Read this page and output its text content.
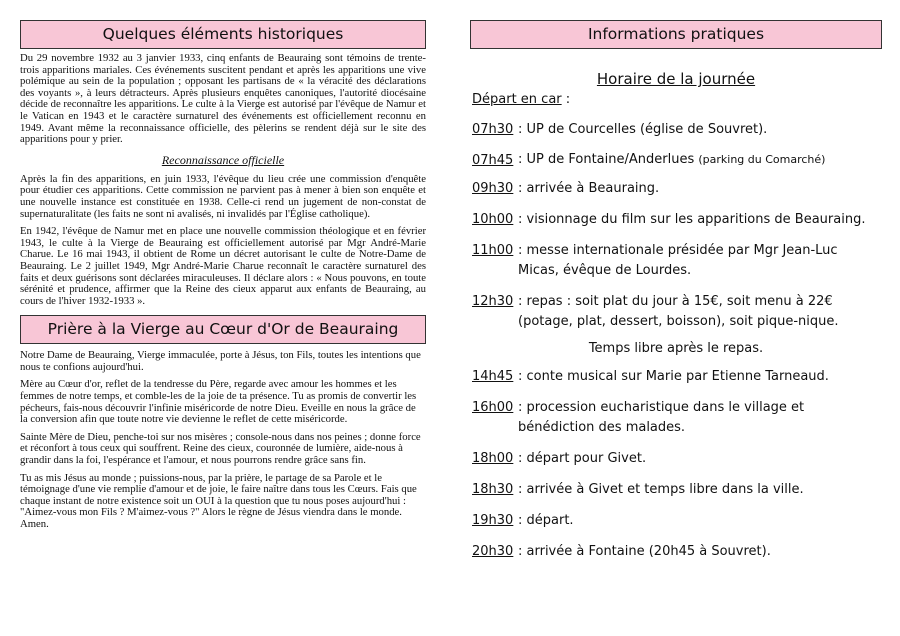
Quelques éléments historiques

Du 29 novembre 1932 au 3 janvier 1933, cinq enfants de Beauraing sont témoins de trente-trois apparitions mariales. Ces événements suscitent pendant et après les apparitions une vive polémique au sein de la population ; opposant les partisans de « la véracité des déclarations des voyants », à leurs détracteurs. Après plusieurs enquêtes canoniques, l'autorité diocésaine décide de reconnaître les apparitions. Le culte à la Vierge est autorisé par l'évêque de Namur et le Vatican en 1943 et le caractère surnaturel des événements est officiellement reconnu en 1949. Avant même la reconnaissance officielle, des pèlerins se rendent déjà sur le site des apparitions pour y prier.

Reconnaissance officielle

Après la fin des apparitions, en juin 1933, l'évêque du lieu crée une commission d'enquête pour étudier ces apparitions. Cette commission ne parvient pas à mener à bien son enquête et une nouvelle instance est constituée en 1938. Celle-ci rend un jugement de non-constat de supernaturalitate (les faits ne sont ni avalisés, ni invalidés par l'Église catholique).

En 1942, l'évêque de Namur met en place une nouvelle commission théologique et en février 1943, le culte à la Vierge de Beauraing est officiellement autorisé par Mgr André-Marie Charue. Le 16 mai 1943, il obtient de Rome un décret autorisant le culte de Notre-Dame de Beauraing. Le 2 juillet 1949, Mgr André-Marie Charue reconnaît le caractère surnaturel des faits et deux guérisons sont déclarées miraculeuses. Il déclare alors : « Nous pouvons, en toute sérénité et prudence, affirmer que la Reine des cieux apparut aux enfants de Beauraing, au cours de l'hiver 1932-1933 ».

Prière à la Vierge au Cœur d'Or de Beauraing

Notre Dame de Beauraing, Vierge immaculée, porte à Jésus, ton Fils, toutes les intentions que nous te confions aujourd'hui.

Mère au Cœur d'or, reflet de la tendresse du Père, regarde avec amour les hommes et les femmes de notre temps, et comble-les de la joie de ta présence. Tu as promis de convertir les pécheurs, fais-nous découvrir l'infinie miséricorde de notre Dieu. Eveille en nous la grâce de la conversion afin que toute notre vie devienne le reflet de cette miséricorde.

Sainte Mère de Dieu, penche-toi sur nos misères ; console-nous dans nos peines ; donne force et réconfort à tous ceux qui souffrent. Reine des cieux, couronnée de lumière, aide-nous à grandir dans la foi, l'espérance et l'amour, et nous pourrons rendre grâce sans fin.

Tu as mis Jésus au monde ; puissions-nous, par la prière, le partage de sa Parole et le témoignage d'une vie remplie d'amour et de joie, le faire naître dans tous les Cœurs. Fais que chaque instant de notre existence soit un OUI à la question que tu nous poses aujourd'hui : "Aimez-vous mon Fils ? M'aimez-vous ?" Alors le règne de Jésus viendra dans le monde.

Amen.

Informations pratiques
Horaire de la journée
Départ en car :
07h30 : UP de Courcelles (église de Souvret).
07h45 : UP de Fontaine/Anderlues (parking du Comarché)
09h30 : arrivée à Beauraing.
10h00 : visionnage du film sur les apparitions de Beauraing.
11h00 : messe internationale présidée par Mgr Jean-Luc Micas, évêque de Lourdes.
12h30 : repas : soit plat du jour à 15€, soit menu à 22€ (potage, plat, dessert, boisson), soit pique-nique.
Temps libre après le repas.
14h45 : conte musical sur Marie par Etienne Tarneaud.
16h00 : procession eucharistique dans le village et bénédiction des malades.
18h00 : départ pour Givet.
18h30 : arrivée à Givet et temps libre dans la ville.
19h30 : départ.
20h30 : arrivée à Fontaine (20h45 à Souvret).
